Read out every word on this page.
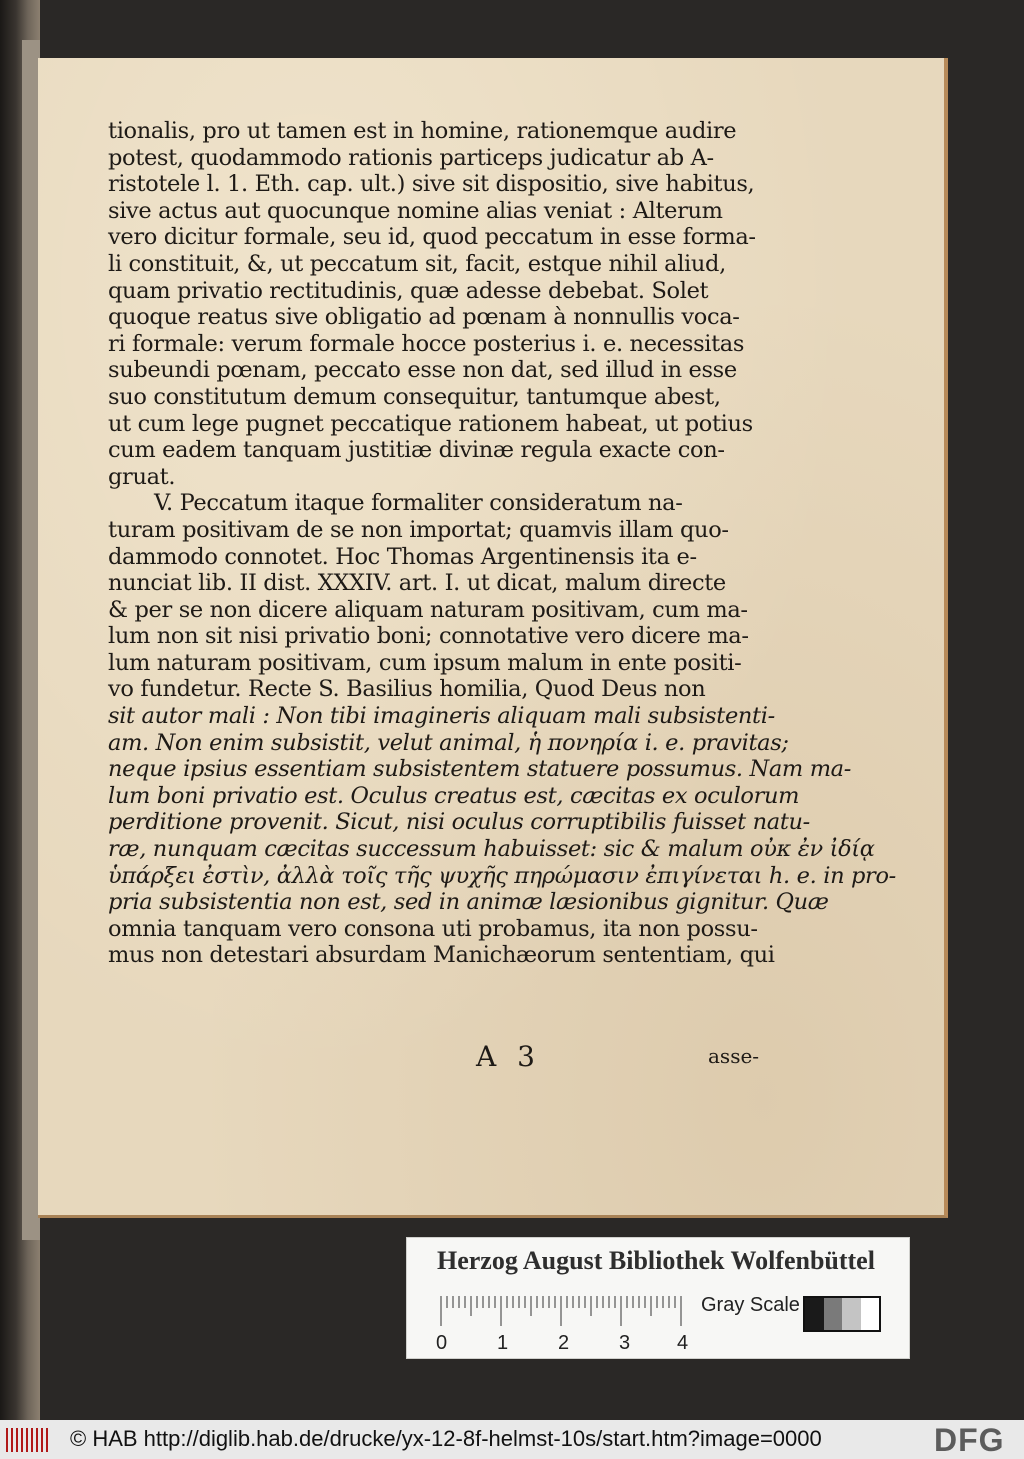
tionalis, pro ut tamen est in homine, rationemque audire
potest, quodammodo rationis particeps judicatur ab A-
ristotele l. 1. Eth. cap. ult.) sive sit dispositio, sive habitus,
sive actus aut quocunque nomine alias veniat : Alterum
vero dicitur formale, seu id, quod peccatum in esse forma-
li constituit, &, ut peccatum sit, facit, estque nihil aliud,
quam privatio rectitudinis, quæ adesse debebat. Solet
quoque reatus sive obligatio ad pœnam à nonnullis voca-
ri formale: verum formale hocce posterius i. e. necessitas
subeundi pœnam, peccato esse non dat, sed illud in esse
suo constitutum demum consequitur, tantumque abest,
ut cum lege pugnet peccatique rationem habeat, ut potius
cum eadem tanquam justitiæ divinæ regula exacte con-
gruat.
V. Peccatum itaque formaliter consideratum na-
turam positivam de se non importat; quamvis illam quo-
dammodo connotet. Hoc Thomas Argentinensis ita e-
nunciat lib. II dist. XXXIV. art. I. ut dicat, malum directe
& per se non dicere aliquam naturam positivam, cum ma-
lum non sit nisi privatio boni; connotative vero dicere ma-
lum naturam positivam, cum ipsum malum in ente positi-
vo fundetur. Recte S. Basilius homilia, Quod Deus non
sit autor mali : Non tibi imagineris aliquam mali subsistenti-
am. Non enim subsistit, velut animal, ἡ πονηρία i. e. pravitas;
neque ipsius essentiam subsistentem statuere possumus. Nam ma-
lum boni privatio est. Oculus creatus est, cæcitas ex oculorum
perditione provenit. Sicut, nisi oculus corruptibilis fuisset natu-
ræ, nunquam cæcitas successum habuisset: sic & malum οὐκ ἐν ἰδίᾳ
ὑπάρξει ἐστὶν, ἀλλὰ τοῖς τῆς ψυχῆς πηρώμασιν ἐπιγίνεται h. e. in pro-
pria subsistentia non est, sed in animæ læsionibus gignitur. Quæ
omnia tanquam vero consona uti probamus, ita non possu-
mus non detestari absurdam Manichæorum sententiam, qui
A 3	asse-
Herzog August Bibliothek Wolfenbüttel
0 1 2 3 4
Gray Scale
© HAB http://diglib.hab.de/drucke/yx-12-8f-helmst-10s/start.htm?image=0000	DFG
